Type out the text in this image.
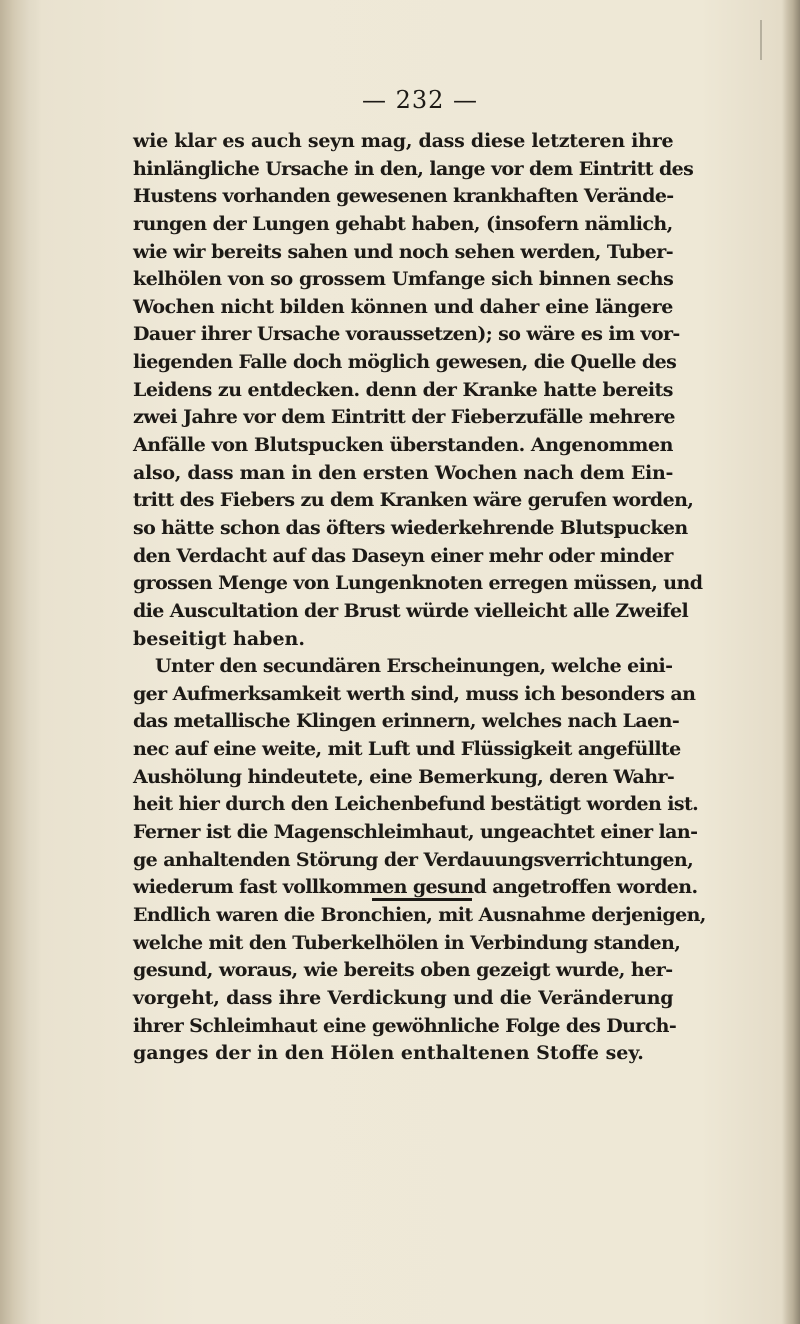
— 232 —
wie klar es auch seyn mag, dass diese letzteren ihre
hinlängliche Ursache in den, lange vor dem Eintritt des
Hustens vorhanden gewesenen krankhaften Verände-
rungen der Lungen gehabt haben, (insofern nämlich,
wie wir bereits sahen und noch sehen werden, Tuber-
kelhölen von so grossem Umfange sich binnen sechs
Wochen nicht bilden können und daher eine längere
Dauer ihrer Ursache voraussetzen); so wäre es im vor-
liegenden Falle doch möglich gewesen, die Quelle des
Leidens zu entdecken. denn der Kranke hatte bereits
zwei Jahre vor dem Eintritt der Fieberzufälle mehrere
Anfälle von Blutspucken überstanden. Angenommen
also, dass man in den ersten Wochen nach dem Ein-
tritt des Fiebers zu dem Kranken wäre gerufen worden,
so hätte schon das öfters wiederkehrende Blutspucken
den Verdacht auf das Daseyn einer mehr oder minder
grossen Menge von Lungenknoten erregen müssen, und
die Auscultation der Brust würde vielleicht alle Zweifel
beseitigt haben.
Unter den secundären Erscheinungen, welche eini-
ger Aufmerksamkeit werth sind, muss ich besonders an
das metallische Klingen erinnern, welches nach Laen-
nec auf eine weite, mit Luft und Flüssigkeit angefüllte
Aushölung hindeutete, eine Bemerkung, deren Wahr-
heit hier durch den Leichenbefund bestätigt worden ist.
Ferner ist die Magenschleimhaut, ungeachtet einer lan-
ge anhaltenden Störung der Verdauungsverrichtungen,
wiederum fast vollkommen gesund angetroffen worden.
Endlich waren die Bronchien, mit Ausnahme derjenigen,
welche mit den Tuberkelhölen in Verbindung standen,
gesund, woraus, wie bereits oben gezeigt wurde, her-
vorgeht, dass ihre Verdickung und die Veränderung
ihrer Schleimhaut eine gewöhnliche Folge des Durch-
ganges der in den Hölen enthaltenen Stoffe sey.
